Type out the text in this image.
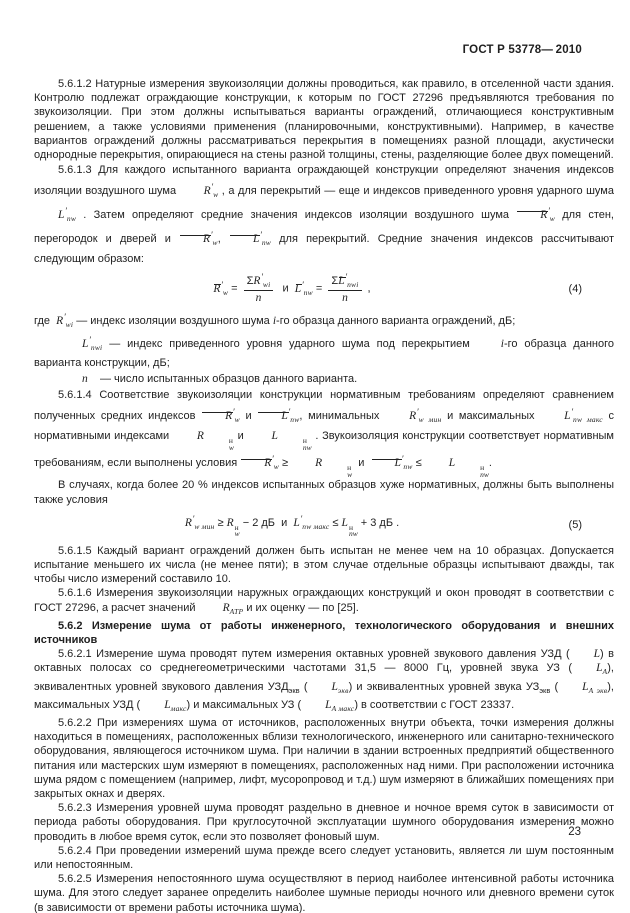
ГОСТ Р 53778— 2010
5.6.1.2 Натурные измерения звукоизоляции должны проводиться, как правило, в отселенной части здания. Контролю подлежат ограждающие конструкции, к которым по ГОСТ 27296 предъявляются требования по звукоизоляции. При этом должны испытываться варианты ограждений, отличающиеся конструктивным решением, а также условиями применения (планировочными, конструктивными). Например, в качестве вариантов ограждений должны рассматриваться перекрытия в помещениях разной площади, акустически однородные перекрытия, опирающиеся на стены разной толщины, стены, разделяющие более двух помещений.
5.6.1.3 Для каждого испытанного варианта ограждающей конструкции определяют значения индексов изоляции воздушного шума $R'_w$ , а для перекрытий — еще и индексов приведенного уровня ударного шума $L'_{nw}$ . Затем определяют средние значения индексов изоляции воздушного шума $R'_w$ для стен, перегородок и дверей и $R'_w$, $L'_{nw}$ для перекрытий. Средние значения индексов рассчитывают следующим образом:
$R'_w = \frac{\Sigma R'_{wi}}{n}$ и  $L'_{nw} = \frac{\Sigma L'_{nwi}}{n}$ ,	(4)
где  $R'_{wi}$ — индекс изоляции воздушного шума i-го образца данного варианта ограждений, дБ;
$L'_{nwi}$ — индекс приведенного уровня ударного шума под перекрытием i-го образца данного варианта конструкции, дБ;
n    — число испытанных образцов данного варианта.
5.6.1.4 Соответствие звукоизоляции конструкции нормативным требованиям определяют сравнением полученных средних индексов $R'_w$ и $L'_{nw}$, минимальных $R'_{w мин}$ и максимальных $L'_{nw макс}$ с нормативными индексами R	н
w
и L	н
nw
. Звукоизоляция конструкции соответствует нормативным требованиям, если выполнены условия $R'_w \ge R$	н
w
и  $L'_{nw} \le L$	н
nw
.
В случаях, когда более 20 % индексов испытанных образцов хуже нормативных, должны быть выполнены также условия
$R'_{w мин} \ge R$ н
w
− 2 дБ  и  $L'_{nw макс} \le L$ н
nw
+ 3 дБ .	(5)
5.6.1.5 Каждый вариант ограждений должен быть испытан не менее чем на 10 образцах. Допускается испытание меньшего их числа (не менее пяти); в этом случае отдельные образцы испытывают дважды, так чтобы число измерений составило 10.
5.6.1.6 Измерения звукоизоляции наружных ограждающих конструкций и окон проводят в соответствии с ГОСТ 27296, а расчет значений $R_{АТР}$ и их оценку — по [25].
5.6.2 Измерение шума от работы инженерного, технологического оборудования и внешних источников
5.6.2.1 Измерение шума проводят путем измерения октавных уровней звукового давления УЗД ( L) в октавных полосах со среднегеометрическими частотами 31,5 — 8000 Гц, уровней звука УЗ ( $L_А$), эквивалентных уровней звукового давления $УЗД_{экв}$ ( $L_{экв}$) и эквивалентных уровней звука $УЗ_{экв}$ ( $L_{А экв}$), максимальных УЗД ( $L_{макс}$) и максимальных УЗ ( $L_{А макс}$) в соответствии с ГОСТ 23337.
5.6.2.2 При измерениях шума от источников, расположенных внутри объекта, точки измерения должны находиться в помещениях, расположенных вблизи технологического, инженерного или санитарно-технического оборудования, являющегося источником шума. При наличии в здании встроенных предприятий общественного питания или мастерских шум измеряют в помещениях, расположенных над ними. При расположении источника шума рядом с помещением (например, лифт, мусоропровод и т.д.) шум измеряют в ближайших помещениях при закрытых окнах и дверях.
5.6.2.3 Измерения уровней шума проводят раздельно в дневное и ночное время суток в зависимости от периода работы оборудования. При круглосуточной эксплуатации шумного оборудования измерения можно проводить в любое время суток, если это позволяет фоновый шум.
5.6.2.4 При проведении измерений шума прежде всего следует установить, является ли шум постоянным или непостоянным.
5.6.2.5 Измерения непостоянного шума осуществляют в период наиболее интенсивной работы источника шума. Для этого следует заранее определить наиболее шумные периоды ночного или дневного времени суток (в зависимости от времени работы источника шума).
23
